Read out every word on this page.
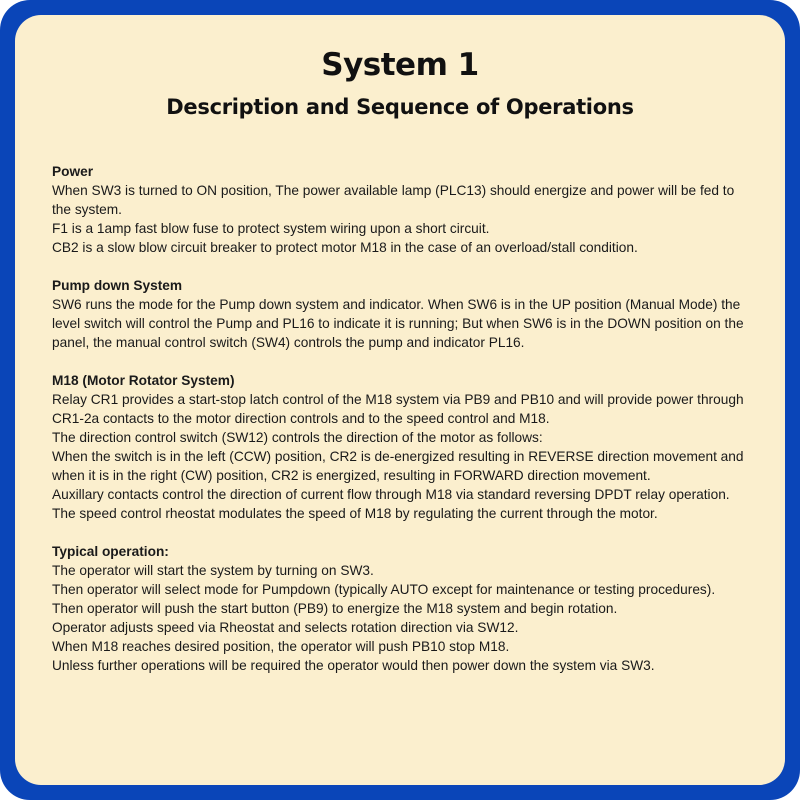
System 1
Description and Sequence of Operations
Power
When SW3 is turned to ON position, The power available lamp (PLC13) should energize and power will be fed to the system.
F1 is a 1amp fast blow fuse to protect system wiring upon a short circuit.
CB2 is a slow blow circuit breaker to protect motor M18 in the case of an overload/stall condition.
Pump down System
SW6 runs the mode for the Pump down system and indicator. When SW6 is in the UP position (Manual Mode) the level switch will control the Pump and PL16 to indicate it is running; But when SW6 is in the DOWN position on the panel, the manual control switch (SW4) controls the pump and indicator PL16.
M18 (Motor Rotator System)
Relay CR1 provides a start-stop latch control of the M18 system via PB9 and PB10 and will provide power through CR1-2a contacts to the motor direction controls and to the speed control and M18.
The direction control switch (SW12) controls the direction of the motor as follows:
When the switch is in the left (CCW) position, CR2 is de-energized resulting in REVERSE direction movement and when it is in the right (CW) position, CR2 is energized, resulting in FORWARD direction movement.
Auxillary contacts control the direction of current flow through M18 via standard reversing DPDT relay operation.
The speed control rheostat modulates the speed of M18 by regulating the current through the motor.
Typical operation:
The operator will start the system by turning on SW3.
Then operator will select mode for Pumpdown (typically AUTO except for maintenance or testing procedures).
Then operator will push the start button (PB9) to energize the M18 system and begin rotation.
Operator adjusts speed via Rheostat and selects rotation direction via SW12.
When M18 reaches desired position, the operator will push PB10 stop M18.
Unless further operations will be required the operator would then power down the system via SW3.
